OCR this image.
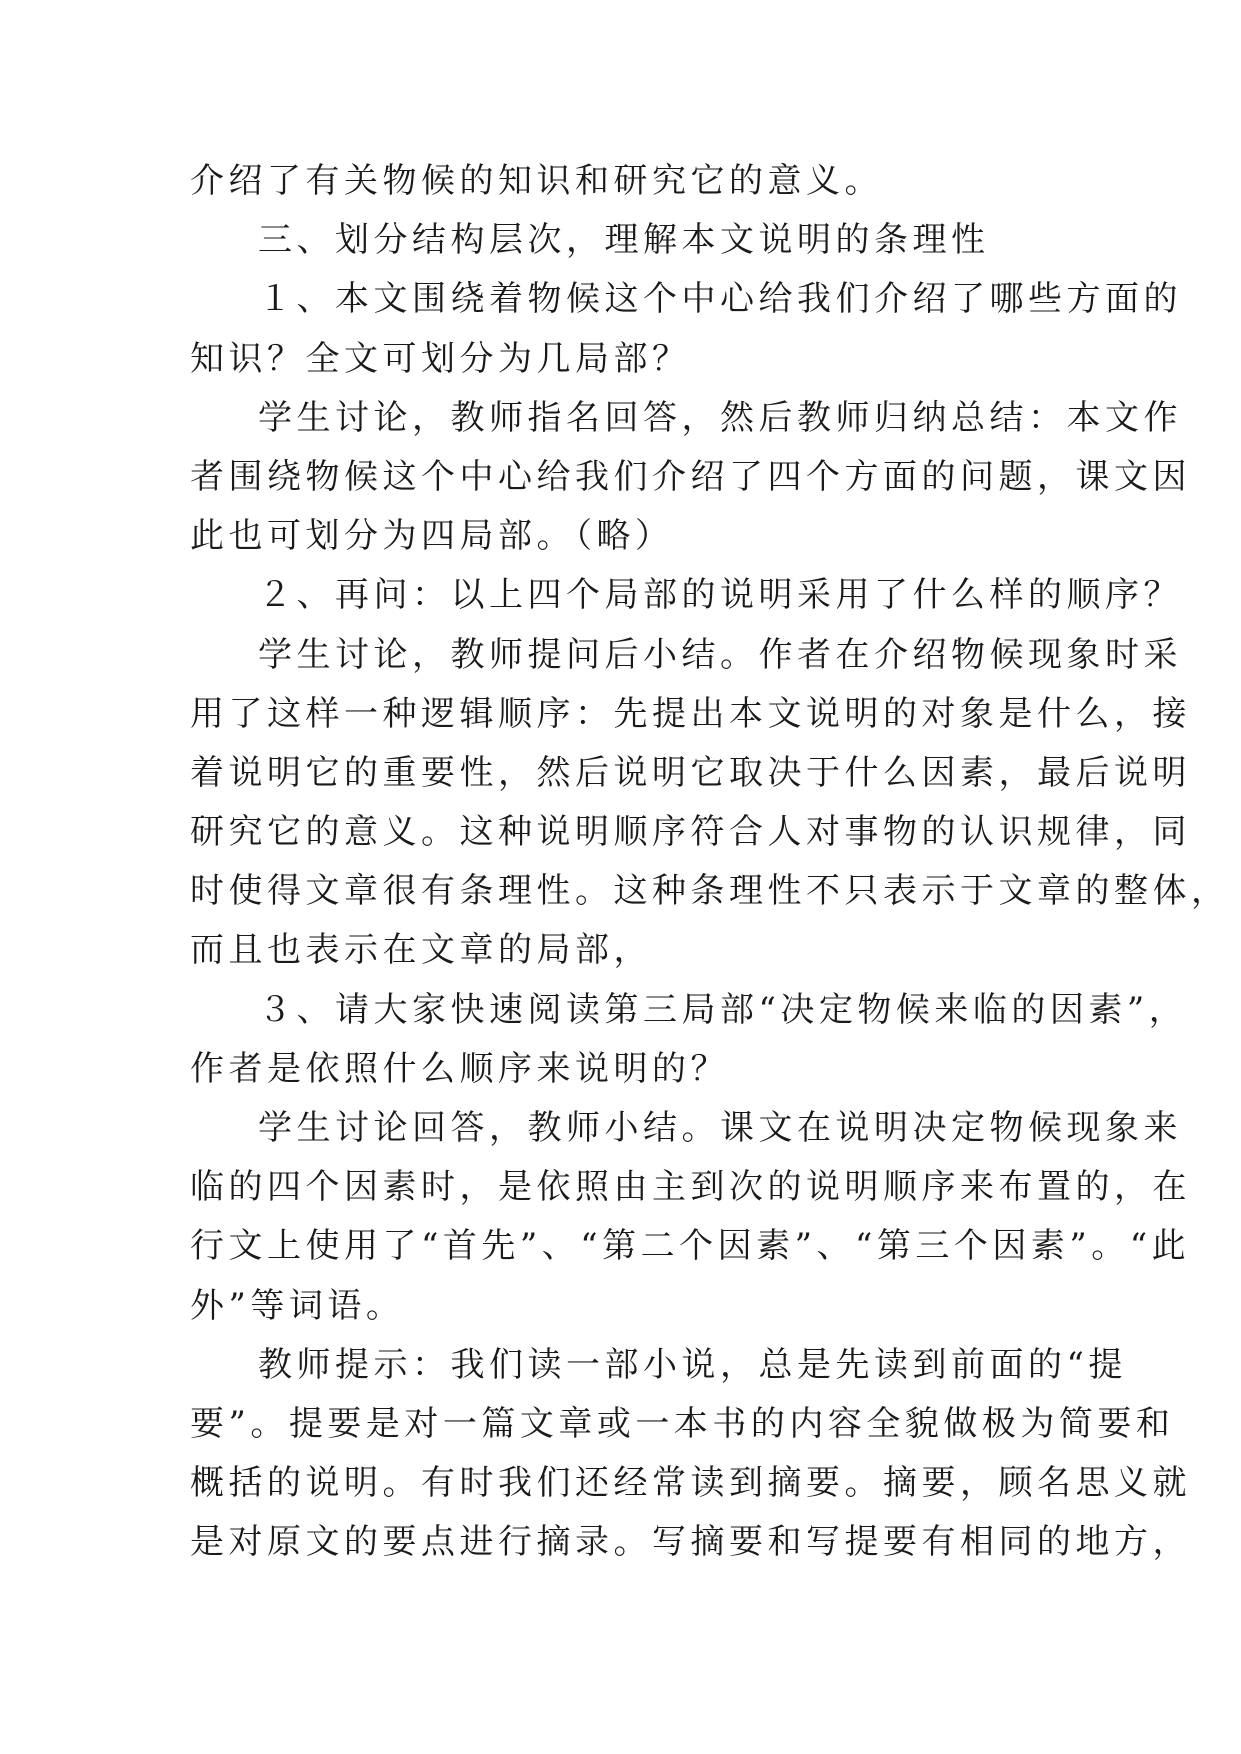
介绍了有关物候的知识和研究它的意义。
三、划分结构层次，理解本文说明的条理性
１、本文围绕着物候这个中心给我们介绍了哪些方面的
知识？全文可划分为几局部？
学生讨论，教师指名回答，然后教师归纳总结：本文作
者围绕物候这个中心给我们介绍了四个方面的问题，课文因
此也可划分为四局部。（略）
２、再问：以上四个局部的说明采用了什么样的顺序？
学生讨论，教师提问后小结。作者在介绍物候现象时采
用了这样一种逻辑顺序：先提出本文说明的对象是什么，接
着说明它的重要性，然后说明它取决于什么因素，最后说明
研究它的意义。这种说明顺序符合人对事物的认识规律，同
时使得文章很有条理性。这种条理性不只表示于文章的整体，
而且也表示在文章的局部，
３、请大家快速阅读第三局部“决定物候来临的因素”，
作者是依照什么顺序来说明的？
学生讨论回答，教师小结。课文在说明决定物候现象来
临的四个因素时，是依照由主到次的说明顺序来布置的，在
行文上使用了“首先”、“第二个因素”、“第三个因素”。“此
外”等词语。
教师提示：我们读一部小说，总是先读到前面的“提
要”。提要是对一篇文章或一本书的内容全貌做极为简要和
概括的说明。有时我们还经常读到摘要。摘要，顾名思义就
是对原文的要点进行摘录。写摘要和写提要有相同的地方，
